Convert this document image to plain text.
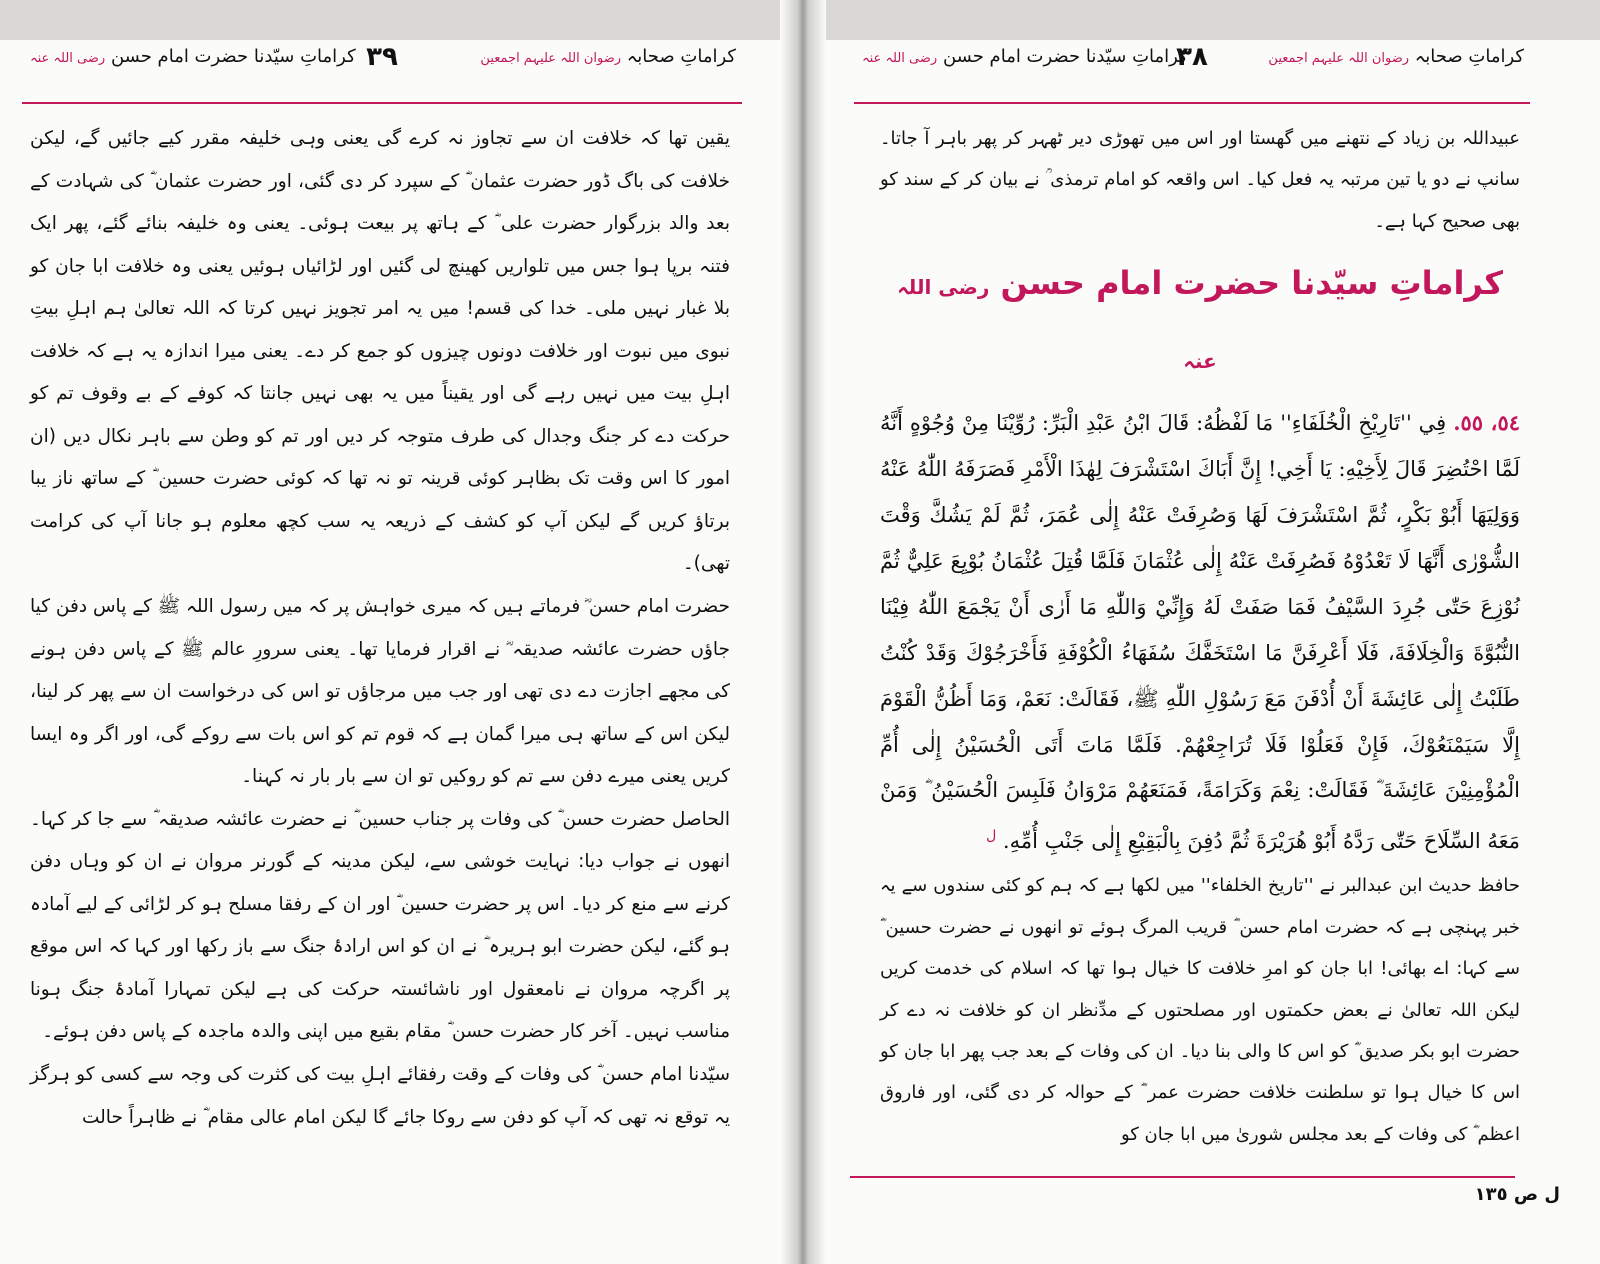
کراماتِ صحابہ رضوان اللہ علیہم اجمعین
٣٩
کراماتِ سیّدنا حضرت امام حسن رضی اللہ عنہ	کراماتِ صحابہ رضوان اللہ علیہم اجمعین
٣٨
کراماتِ سیّدنا حضرت امام حسن رضی اللہ عنہ

یقین تھا کہ خلافت ان سے تجاوز نہ کرے گی یعنی وہی خلیفہ مقرر کیے جائیں گے، لیکن خلافت کی باگ ڈور حضرت عثمان ؓ کے سپرد کر دی گئی، اور حضرت عثمان ؓ کی شہادت کے بعد والد بزرگوار حضرت علی ؓ کے ہاتھ پر بیعت ہوئی۔ یعنی وہ خلیفہ بنائے گئے، پھر ایک فتنہ برپا ہوا جس میں تلواریں کھینچ لی گئیں اور لڑائیاں ہوئیں یعنی وہ خلافت ابا جان کو بلا غبار نہیں ملی۔ خدا کی قسم! میں یہ امر تجویز نہیں کرتا کہ اللہ تعالیٰ ہم اہلِ بیتِ نبوی میں نبوت اور خلافت دونوں چیزوں کو جمع کر دے۔ یعنی میرا اندازہ یہ ہے کہ خلافت اہلِ بیت میں نہیں رہے گی اور یقیناً میں یہ بھی نہیں جانتا کہ کوفے کے بے وقوف تم کو حرکت دے کر جنگ وجدال کی طرف متوجہ کر دیں اور تم کو وطن سے باہر نکال دیں (ان امور کا اس وقت تک بظاہر کوئی قرینہ تو نہ تھا کہ کوئی حضرت حسین ؓ کے ساتھ ناز یبا برتاؤ کریں گے لیکن آپ کو کشف کے ذریعہ یہ سب کچھ معلوم ہو جانا آپ کی کرامت تھی)۔

حضرت امام حسن ؓ فرماتے ہیں کہ میری خواہش پر کہ میں رسول اللہ ﷺ کے پاس دفن کیا جاؤں حضرت عائشہ صدیقہ ؓ نے اقرار فرمایا تھا۔ یعنی سرورِ عالم ﷺ کے پاس دفن ہونے کی مجھے اجازت دے دی تھی اور جب میں مرجاؤں تو اس کی درخواست ان سے پھر کر لینا، لیکن اس کے ساتھ ہی میرا گمان ہے کہ قوم تم کو اس بات سے روکے گی، اور اگر وہ ایسا کریں یعنی میرے دفن سے تم کو روکیں تو ان سے بار بار نہ کہنا۔

الحاصل حضرت حسن ؓ کی وفات پر جناب حسین ؓ نے حضرت عائشہ صدیقہ ؓ سے جا کر کہا۔ انھوں نے جواب دیا: نہایت خوشی سے، لیکن مدینہ کے گورنر مروان نے ان کو وہاں دفن کرنے سے منع کر دیا۔ اس پر حضرت حسین ؓ اور ان کے رفقا مسلح ہو کر لڑائی کے لیے آمادہ ہو گئے، لیکن حضرت ابو ہریرہ ؓ نے ان کو اس ارادۂ جنگ سے باز رکھا اور کہا کہ اس موقع پر اگرچہ مروان نے نامعقول اور ناشائستہ حرکت کی ہے لیکن تمہارا آمادۂ جنگ ہونا مناسب نہیں۔ آخر کار حضرت حسن ؓ مقام بقیع میں اپنی والدہ ماجدہ کے پاس دفن ہوئے۔

سیّدنا امام حسن ؓ کی وفات کے وقت رفقائے اہلِ بیت کی کثرت کی وجہ سے کسی کو ہرگز یہ توقع نہ تھی کہ آپ کو دفن سے روکا جائے گا لیکن امام عالی مقام ؓ نے ظاہراً حالت

عبیداللہ بن زیاد کے نتھنے میں گھستا اور اس میں تھوڑی دیر ٹھہر کر پھر باہر آ جاتا۔ سانپ نے دو یا تین مرتبہ یہ فعل کیا۔ اس واقعہ کو امام ترمذی ؒ نے بیان کر کے سند کو بھی صحیح کہا ہے۔

کراماتِ سیّدنا حضرت امام حسن رضی اللہ عنہ

٥٤، ٥٥. فِي ''تَارِيْخِ الْخُلَفَاءِ'' مَا لَفْظُهُ: قَالَ ابْنُ عَبْدِ الْبَرِّ: رُوِّيْنَا مِنْ وُجُوْهٍ أَنَّهُ لَمَّا احْتُضِرَ قَالَ لِأَخِيْهِ: يَا أَخِي! إِنَّ أَبَاكَ اسْتَشْرَفَ لِهٰذَا الْأَمْرِ فَصَرَفَهُ اللّٰهُ عَنْهُ وَوَلِيَهَا أَبُوْ بَكْرٍ، ثُمَّ اسْتَشْرَفَ لَهَا وَصُرِفَتْ عَنْهُ إِلٰى عُمَرَ، ثُمَّ لَمْ يَشُكَّ وَقْتَ الشُّوْرٰى أَنَّهَا لَا تَعْدُوْهُ فَصُرِفَتْ عَنْهُ إِلٰى عُثْمَانَ فَلَمَّا قُتِلَ عُثْمَانُ بُوْيِعَ عَلِيٌّ ثُمَّ نُوْزِعَ حَتّٰى جُرِدَ السَّيْفُ فَمَا صَفَتْ لَهُ وَإِنِّيْ وَاللّٰهِ مَا أَرٰى أَنْ يَجْمَعَ اللّٰهُ فِيْنَا النُّبُوَّةَ وَالْخِلَافَةَ، فَلَا أَعْرِفَنَّ مَا اسْتَخَفَّكَ سُفَهَاءُ الْكُوْفَةِ فَأَخْرَجُوْكَ وَقَدْ كُنْتُ طَلَبْتُ إِلٰى عَائِشَةَ أَنْ أُدْفَنَ مَعَ رَسُوْلِ اللّٰهِ ﷺ، فَقَالَتْ: نَعَمْ، وَمَا أَظُنُّ الْقَوْمَ إِلَّا سَيَمْنَعُوْكَ، فَإِنْ فَعَلُوْا فَلَا تُرَاجِعْهُمْ. فَلَمَّا مَاتَ أَتَى الْحُسَيْنُ إِلٰى أُمِّ الْمُؤْمِنِيْنَ عَائِشَةَ ؓ فَقَالَتْ: نِعْمَ وَكَرَامَةً، فَمَنَعَهُمْ مَرْوَانُ فَلَبِسَ الْحُسَيْنُ ؓ وَمَنْ مَعَهُ السِّلَاحَ حَتّٰى رَدَّهُ أَبُوْ هُرَيْرَةَ ثُمَّ دُفِنَ بِالْبَقِيْعِ إِلٰى جَنْبِ أُمِّهِ. $^ل$

حافظ حدیث ابن عبدالبر نے ''تاریخ الخلفاء'' میں لکھا ہے کہ ہم کو کئی سندوں سے یہ خبر پہنچی ہے کہ حضرت امام حسن ؓ قریب المرگ ہوئے تو انھوں نے حضرت حسین ؓ سے کہا: اے بھائی! ابا جان کو امرِ خلافت کا خیال ہوا تھا کہ اسلام کی خدمت کریں لیکن اللہ تعالیٰ نے بعض حکمتوں اور مصلحتوں کے مدِّنظر ان کو خلافت نہ دے کر حضرت ابو بکر صدیق ؓ کو اس کا والی بنا دیا۔ ان کی وفات کے بعد جب پھر ابا جان کو اس کا خیال ہوا تو سلطنت خلافت حضرت عمر ؓ کے حوالہ کر دی گئی، اور فاروق اعظم ؓ کی وفات کے بعد مجلس شوریٰ میں ابا جان کو

ل ص ١٣٥
